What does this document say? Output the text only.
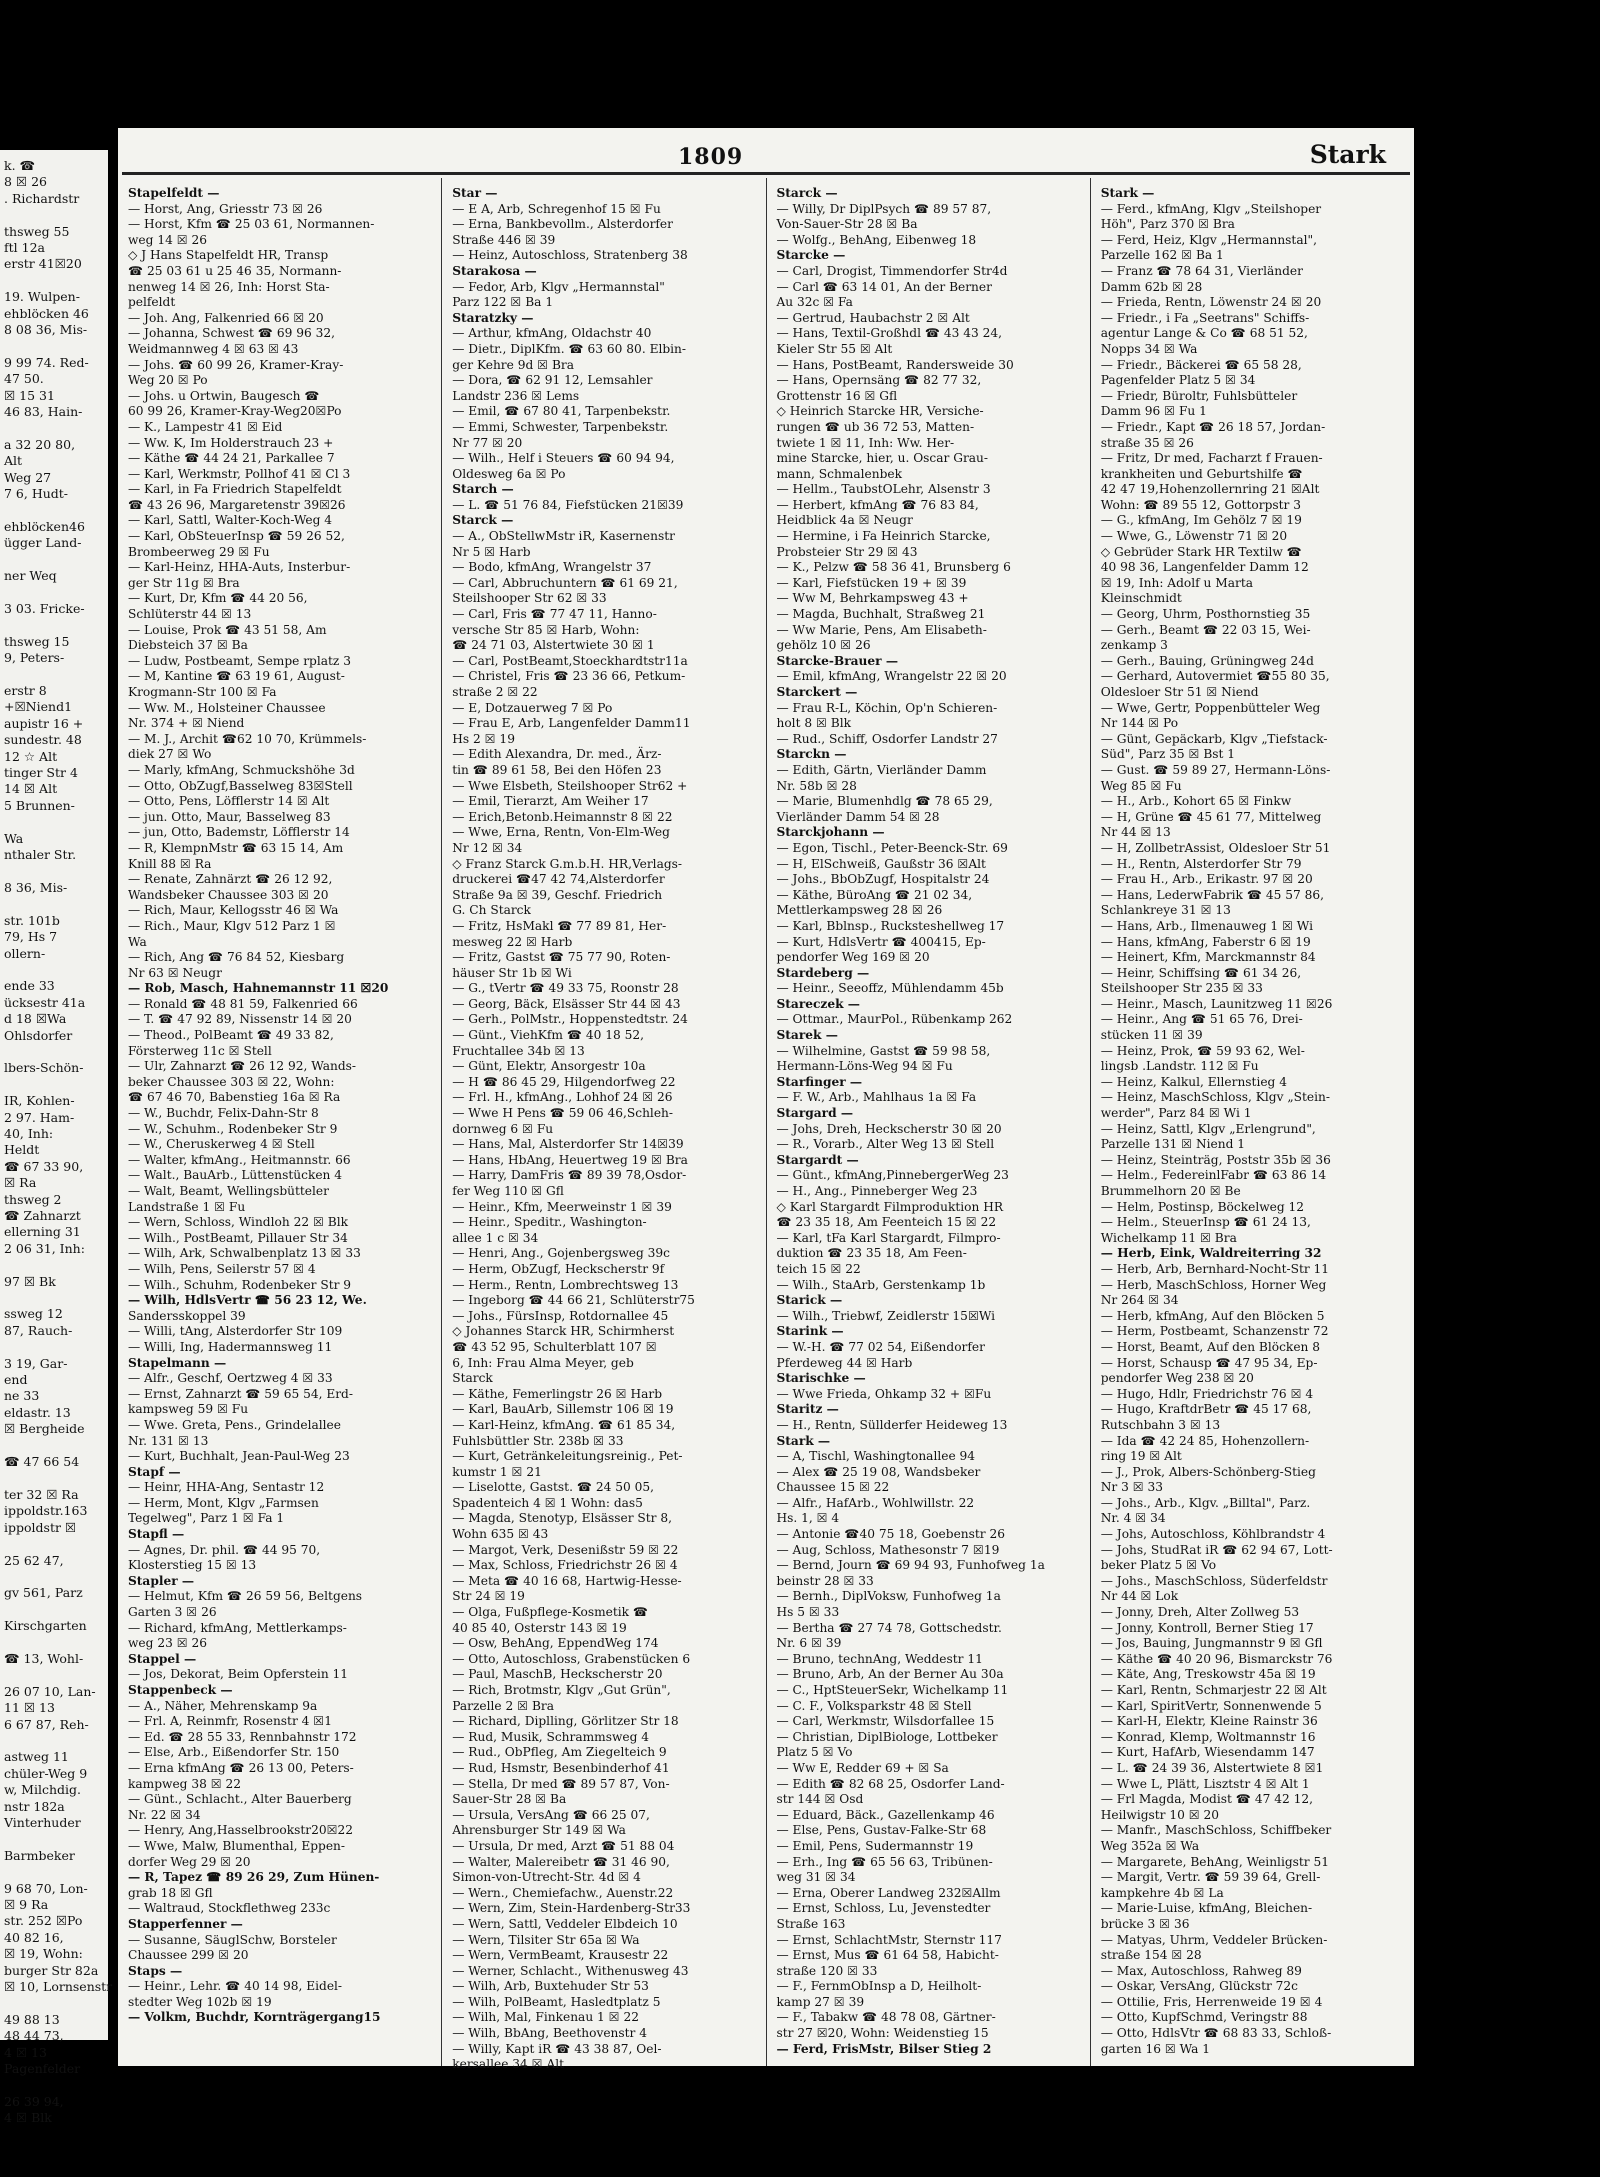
k. ☎
8 ☒ 26
. Richardstr

thsweg 55
ftl 12a
erstr 41☒20

19. Wulpen-
ehblöcken 46
8 08 36, Mis-

9 99 74. Red-
47 50.
☒ 15 31
46 83, Hain-

a 32 20 80,
Alt
Weg 27
7 6, Hudt-

ehblöcken46
ügger Land-

ner Weq

3 03. Fricke-

thsweg 15
9, Peters-

erstr 8
+☒Niend1
aupistr 16 +
sundestr. 48
12 ☆ Alt
tinger Str 4
14 ☒ Alt
5 Brunnen-

Wa
nthaler Str.

8 36, Mis-

str. 101b
79, Hs 7
ollern-

ende 33
ücksestr 41a
d 18 ☒Wa
Ohlsdorfer

lbers-Schön-

IR, Kohlen-
2 97. Ham-
40, Inh:
Heldt
☎ 67 33 90,
☒ Ra
thsweg 2
☎ Zahnarzt
ellerning 31
2 06 31, Inh:

97 ☒ Bk

ssweg 12
87, Rauch-

3 19, Gar-
end
ne 33
eldastr. 13
☒ Bergheide

☎ 47 66 54

ter 32 ☒ Ra
ippoldstr.163
ippoldstr ☒

25 62 47,

gv 561, Parz

Kirschgarten

☎ 13, Wohl-

26 07 10, Lan-
11 ☒ 13
6 67 87, Reh-

astweg 11
chüler-Weg 9
w, Milchdig.
nstr 182a
Vinterhuder

Barmbeker

9 68 70, Lon-
☒ 9 Ra
str. 252 ☒Po
40 82 16,
☒ 19, Wohn:
burger Str 82a
☒ 10, Lornsenstr

49 88 13
48 44 73,
4 ☒ 13
Pagenfelder

26 39 94,
4 ☒ Blk
1809	Stark
Stapelfeldt —
— Horst, Ang, Griesstr 73 ☒ 26
— Horst, Kfm ☎ 25 03 61, Normannen-
weg 14 ☒ 26
◇ J Hans Stapelfeldt HR, Transp
☎ 25 03 61 u 25 46 35, Normann-
nenweg 14 ☒ 26, Inh: Horst Sta-
pelfeldt
— Joh. Ang, Falkenried 66 ☒ 20
— Johanna, Schwest ☎ 69 96 32,
Weidmannweg 4 ☒ 63 ☒ 43
— Johs. ☎ 60 99 26, Kramer-Kray-
Weg 20 ☒ Po
— Johs. u Ortwin, Baugesch ☎
60 99 26, Kramer-Kray-Weg20☒Po
— K., Lampestr 41 ☒ Eid
— Ww. K, Im Holderstrauch 23 +
— Käthe ☎ 44 24 21, Parkallee 7
— Karl, Werkmstr, Pollhof 41 ☒ Cl 3
— Karl, in Fa Friedrich Stapelfeldt
☎ 43 26 96, Margaretenstr 39☒26
— Karl, Sattl, Walter-Koch-Weg 4
— Karl, ObSteuerInsp ☎ 59 26 52,
Brombeerweg 29 ☒ Fu
— Karl-Heinz, HHA-Auts, Insterbur-
ger Str 11g ☒ Bra
— Kurt, Dr, Kfm ☎ 44 20 56,
Schlüterstr 44 ☒ 13
— Louise, Prok ☎ 43 51 58, Am
Diebsteich 37 ☒ Ba
— Ludw, Postbeamt, Sempe rplatz 3
— M, Kantine ☎ 63 19 61, August-
Krogmann-Str 100 ☒ Fa
— Ww. M., Holsteiner Chaussee
Nr. 374 + ☒ Niend
— M. J., Archit ☎62 10 70, Krümmels-
diek 27 ☒ Wo
— Marly, kfmAng, Schmuckshöhe 3d
— Otto, ObZugf,Basselweg 83☒Stell
— Otto, Pens, Löfflerstr 14 ☒ Alt
— jun. Otto, Maur, Basselweg 83
— jun, Otto, Bademstr, Löfflerstr 14
— R, KlempnMstr ☎ 63 15 14, Am
Knill 88 ☒ Ra
— Renate, Zahnärzt ☎ 26 12 92,
Wandsbeker Chaussee 303 ☒ 20
— Rich, Maur, Kellogsstr 46 ☒ Wa
— Rich., Maur, Klgv 512 Parz 1 ☒
Wa
— Rich, Ang ☎ 76 84 52, Kiesbarg
Nr 63 ☒ Neugr
— Rob, Masch, Hahnemannstr 11 ☒20
— Ronald ☎ 48 81 59, Falkenried 66
— T. ☎ 47 92 89, Nissenstr 14 ☒ 20
— Theod., PolBeamt ☎ 49 33 82,
Försterweg 11c ☒ Stell
— Ulr, Zahnarzt ☎ 26 12 92, Wands-
beker Chaussee 303 ☒ 22, Wohn:
☎ 67 46 70, Babenstieg 16a ☒ Ra
— W., Buchdr, Felix-Dahn-Str 8
— W., Schuhm., Rodenbeker Str 9
— W., Cheruskerweg 4 ☒ Stell
— Walter, kfmAng., Heitmannstr. 66
— Walt., BauArb., Lüttenstücken 4
— Walt, Beamt, Wellingsbütteler
Landstraße 1 ☒ Fu
— Wern, Schloss, Windloh 22 ☒ Blk
— Wilh., PostBeamt, Pillauer Str 34
— Wilh, Ark, Schwalbenplatz 13 ☒ 33
— Wilh, Pens, Seilerstr 57 ☒ 4
— Wilh., Schuhm, Rodenbeker Str 9
— Wilh, HdlsVertr ☎ 56 23 12, We.
Sandersskoppel 39
— Willi, tAng, Alsterdorfer Str 109
— Willi, Ing, Hadermannsweg 11
Stapelmann —
— Alfr., Geschf, Oertzweg 4 ☒ 33
— Ernst, Zahnarzt ☎ 59 65 54, Erd-
kampsweg 59 ☒ Fu
— Wwe. Greta, Pens., Grindelallee
Nr. 131 ☒ 13
— Kurt, Buchhalt, Jean-Paul-Weg 23
Stapf —
— Heinr, HHA-Ang, Sentastr 12
— Herm, Mont, Klgv „Farmsen
Tegelweg", Parz 1 ☒ Fa 1
Stapfl —
— Agnes, Dr. phil. ☎ 44 95 70,
Klosterstieg 15 ☒ 13
Stapler —
— Helmut, Kfm ☎ 26 59 56, Beltgens
Garten 3 ☒ 26
— Richard, kfmAng, Mettlerkamps-
weg 23 ☒ 26
Stappel —
— Jos, Dekorat, Beim Opferstein 11
Stappenbeck —
— A., Näher, Mehrenskamp 9a
— Frl. A, Reinmfr, Rosenstr 4 ☒1
— Ed. ☎ 28 55 33, Rennbahnstr 172
— Else, Arb., Eißendorfer Str. 150
— Erna kfmAng ☎ 26 13 00, Peters-
kampweg 38 ☒ 22
— Günt., Schlacht., Alter Bauerberg
Nr. 22 ☒ 34
— Henry, Ang,Hasselbrookstr20☒22
— Wwe, Malw, Blumenthal, Eppen-
dorfer Weg 29 ☒ 20
— R, Tapez ☎ 89 26 29, Zum Hünen-
grab 18 ☒ Gfl
— Waltraud, Stockflethweg 233c
Stapperfenner —
— Susanne, SäuglSchw, Borsteler
Chaussee 299 ☒ 20
Staps —
— Heinr., Lehr. ☎ 40 14 98, Eidel-
stedter Weg 102b ☒ 19
— Volkm, Buchdr, Kornträgergang15
Star —
— E A, Arb, Schregenhof 15 ☒ Fu
— Erna, Bankbevollm., Alsterdorfer
Straße 446 ☒ 39
— Heinz, Autoschloss, Stratenberg 38
Starakosa —
— Fedor, Arb, Klgv „Hermannstal"
Parz 122 ☒ Ba 1
Staratzky —
— Arthur, kfmAng, Oldachstr 40
— Dietr., DiplKfm. ☎ 63 60 80. Elbin-
ger Kehre 9d ☒ Bra
— Dora, ☎ 62 91 12, Lemsahler
Landstr 236 ☒ Lems
— Emil, ☎ 67 80 41, Tarpenbekstr.
— Emmi, Schwester, Tarpenbekstr.
Nr 77 ☒ 20
— Wilh., Helf i Steuers ☎ 60 94 94,
Oldesweg 6a ☒ Po
Starch —
— L. ☎ 51 76 84, Fiefstücken 21☒39
Starck —
— A., ObStellwMstr iR, Kasernenstr
Nr 5 ☒ Harb
— Bodo, kfmAng, Wrangelstr 37
— Carl, Abbruchuntern ☎ 61 69 21,
Steilshooper Str 62 ☒ 33
— Carl, Fris ☎ 77 47 11, Hanno-
versche Str 85 ☒ Harb, Wohn:
☎ 24 71 03, Alstertwiete 30 ☒ 1
— Carl, PostBeamt,Stoeckhardtstr11a
— Christel, Fris ☎ 23 36 66, Petkum-
straße 2 ☒ 22
— E, Dotzauerweg 7 ☒ Po
— Frau E, Arb, Langenfelder Damm11
Hs 2 ☒ 19
— Edith Alexandra, Dr. med., Ärz-
tin ☎ 89 61 58, Bei den Höfen 23
— Wwe Elsbeth, Steilshooper Str62 +
— Emil, Tierarzt, Am Weiher 17
— Erich,Betonb.Heimannstr 8 ☒ 22
— Wwe, Erna, Rentn, Von-Elm-Weg
Nr 12 ☒ 34
◇ Franz Starck G.m.b.H. HR,Verlags-
druckerei ☎47 42 74,Alsterdorfer
Straße 9a ☒ 39, Geschf. Friedrich
G. Ch Starck
— Fritz, HsMakl ☎ 77 89 81, Her-
mesweg 22 ☒ Harb
— Fritz, Gastst ☎ 75 77 90, Roten-
häuser Str 1b ☒ Wi
— G., tVertr ☎ 49 33 75, Roonstr 28
— Georg, Bäck, Elsässer Str 44 ☒ 43
— Gerh., PolMstr., Hoppenstedtstr. 24
— Günt., ViehKfm ☎ 40 18 52,
Fruchtallee 34b ☒ 13
— Günt, Elektr, Ansorgestr 10a
— H ☎ 86 45 29, Hilgendorfweg 22
— Frl. H., kfmAng., Lohhof 24 ☒ 26
— Wwe H Pens ☎ 59 06 46,Schleh-
dornweg 6 ☒ Fu
— Hans, Mal, Alsterdorfer Str 14☒39
— Hans, HbAng, Heuertweg 19 ☒ Bra
— Harry, DamFris ☎ 89 39 78,Osdor-
fer Weg 110 ☒ Gfl
— Heinr., Kfm, Meerweinstr 1 ☒ 39
— Heinr., Speditr., Washington-
allee 1 c ☒ 34
— Henri, Ang., Gojenbergsweg 39c
— Herm, ObZugf, Heckscherstr 9f
— Herm., Rentn, Lombrechtsweg 13
— Ingeborg ☎ 44 66 21, Schlüterstr75
— Johs., FürsInsp, Rotdornallee 45
◇ Johannes Starck HR, Schirmherst
☎ 43 52 95, Schulterblatt 107 ☒
6, Inh: Frau Alma Meyer, geb
Starck
— Käthe, Femerlingstr 26 ☒ Harb
— Karl, BauArb, Sillemstr 106 ☒ 19
— Karl-Heinz, kfmAng. ☎ 61 85 34,
Fuhlsbüttler Str. 238b ☒ 33
— Kurt, Getränkeleitungsreinig., Pet-
kumstr 1 ☒ 21
— Liselotte, Gastst. ☎ 24 50 05,
Spadenteich 4 ☒ 1 Wohn: das5
— Magda, Stenotyp, Elsässer Str 8,
Wohn 635 ☒ 43
— Margot, Verk, Desenißstr 59 ☒ 22
— Max, Schloss, Friedrichstr 26 ☒ 4
— Meta ☎ 40 16 68, Hartwig-Hesse-
Str 24 ☒ 19
— Olga, Fußpflege-Kosmetik ☎
40 85 40, Osterstr 143 ☒ 19
— Osw, BehAng, EppendWeg 174
— Otto, Autoschloss, Grabenstücken 6
— Paul, MaschB, Heckscherstr 20
— Rich, Brotmstr, Klgv „Gut Grün",
Parzelle 2 ☒ Bra
— Richard, Diplling, Görlitzer Str 18
— Rud, Musik, Schrammsweg 4
— Rud., ObPfleg, Am Ziegelteich 9
— Rud, Hsmstr, Besenbinderhof 41
— Stella, Dr med ☎ 89 57 87, Von-
Sauer-Str 28 ☒ Ba
— Ursula, VersAng ☎ 66 25 07,
Ahrensburger Str 149 ☒ Wa
— Ursula, Dr med, Arzt ☎ 51 88 04
— Walter, Malereibetr ☎ 31 46 90,
Simon-von-Utrecht-Str. 4d ☒ 4
— Wern., Chemiefachw., Auenstr.22
— Wern, Zim, Stein-Hardenberg-Str33
— Wern, Sattl, Veddeler Elbdeich 10
— Wern, Tilsiter Str 65a ☒ Wa
— Wern, VermBeamt, Krausestr 22
— Werner, Schlacht., Withenusweg 43
— Wilh, Arb, Buxtehuder Str 53
— Wilh, PolBeamt, Hasledtplatz 5
— Wilh, Mal, Finkenau 1 ☒ 22
— Wilh, BbAng, Beethovenstr 4
— Willy, Kapt iR ☎ 43 38 87, Oel-
kersallee 34 ☒ Alt
Starck —
— Willy, Dr DiplPsych ☎ 89 57 87,
Von-Sauer-Str 28 ☒ Ba
— Wolfg., BehAng, Eibenweg 18
Starcke —
— Carl, Drogist, Timmendorfer Str4d
— Carl ☎ 63 14 01, An der Berner
Au 32c ☒ Fa
— Gertrud, Haubachstr 2 ☒ Alt
— Hans, Textil-Großhdl ☎ 43 43 24,
Kieler Str 55 ☒ Alt
— Hans, PostBeamt, Randersweide 30
— Hans, Opernsäng ☎ 82 77 32,
Grottenstr 16 ☒ Gfl
◇ Heinrich Starcke HR, Versiche-
rungen ☎ ub 36 72 53, Matten-
twiete 1 ☒ 11, Inh: Ww. Her-
mine Starcke, hier, u. Oscar Grau-
mann, Schmalenbek
— Hellm., TaubstOLehr, Alsenstr 3
— Herbert, kfmAng ☎ 76 83 84,
Heidblick 4a ☒ Neugr
— Hermine, i Fa Heinrich Starcke,
Probsteier Str 29 ☒ 43
— K., Pelzw ☎ 58 36 41, Brunsberg 6
— Karl, Fiefstücken 19 + ☒ 39
— Ww M, Behrkampsweg 43 +
— Magda, Buchhalt, Straßweg 21
— Ww Marie, Pens, Am Elisabeth-
gehölz 10 ☒ 26
Starcke-Brauer —
— Emil, kfmAng, Wrangelstr 22 ☒ 20
Starckert —
— Frau R-L, Köchin, Op'n Schieren-
holt 8 ☒ Blk
— Rud., Schiff, Osdorfer Landstr 27
Starckn —
— Edith, Gärtn, Vierländer Damm
Nr. 58b ☒ 28
— Marie, Blumenhdlg ☎ 78 65 29,
Vierländer Damm 54 ☒ 28
Starckjohann —
— Egon, Tischl., Peter-Beenck-Str. 69
— H, ElSchweiß, Gaußstr 36 ☒Alt
— Johs., BbObZugf, Hospitalstr 24
— Käthe, BüroAng ☎ 21 02 34,
Mettlerkampsweg 28 ☒ 26
— Karl, Bblnsp., Rucksteshellweg 17
— Kurt, HdlsVertr ☎ 400415, Ep-
pendorfer Weg 169 ☒ 20
Stardeberg —
— Heinr., Seeoffz, Mühlendamm 45b
Stareczek —
— Ottmar., MaurPol., Rübenkamp 262
Starek —
— Wilhelmine, Gastst ☎ 59 98 58,
Hermann-Löns-Weg 94 ☒ Fu
Starfinger —
— F. W., Arb., Mahlhaus 1a ☒ Fa
Stargard —
— Johs, Dreh, Heckscherstr 30 ☒ 20
— R., Vorarb., Alter Weg 13 ☒ Stell
Stargardt —
— Günt., kfmAng,PinnebergerWeg 23
— H., Ang., Pinneberger Weg 23
◇ Karl Stargardt Filmproduktion HR
☎ 23 35 18, Am Feenteich 15 ☒ 22
— Karl, tFa Karl Stargardt, Filmpro-
duktion ☎ 23 35 18, Am Feen-
teich 15 ☒ 22
— Wilh., StaArb, Gerstenkamp 1b
Starick —
— Wilh., Triebwf, Zeidlerstr 15☒Wi
Starink —
— W.-H. ☎ 77 02 54, Eißendorfer
Pferdeweg 44 ☒ Harb
Starischke —
— Wwe Frieda, Ohkamp 32 + ☒Fu
Staritz —
— H., Rentn, Süllderfer Heideweg 13
Stark —
— A, Tischl, Washingtonallee 94
— Alex ☎ 25 19 08, Wandsbeker
Chaussee 15 ☒ 22
— Alfr., HafArb., Wohlwillstr. 22
Hs. 1, ☒ 4
— Antonie ☎40 75 18, Goebenstr 26
— Aug, Schloss, Mathesonstr 7 ☒19
— Bernd, Journ ☎ 69 94 93, Funhofweg 1a
beinstr 28 ☒ 33
— Bernh., DiplVoksw, Funhofweg 1a
Hs 5 ☒ 33
— Bertha ☎ 27 74 78, Gottschedstr.
Nr. 6 ☒ 39
— Bruno, technAng, Weddestr 11
— Bruno, Arb, An der Berner Au 30a
— C., HptSteuerSekr, Wichelkamp 11
— C. F., Volksparkstr 48 ☒ Stell
— Carl, Werkmstr, Wilsdorfallee 15
— Christian, DiplBiologe, Lottbeker
Platz 5 ☒ Vo
— Ww E, Redder 69 + ☒ Sa
— Edith ☎ 82 68 25, Osdorfer Land-
str 144 ☒ Osd
— Eduard, Bäck., Gazellenkamp 46
— Else, Pens, Gustav-Falke-Str 68
— Emil, Pens, Sudermannstr 19
— Erh., Ing ☎ 65 56 63, Tribünen-
weg 31 ☒ 34
— Erna, Oberer Landweg 232☒Allm
— Ernst, Schloss, Lu, Jevenstedter
Straße 163
— Ernst, SchlachtMstr, Sternstr 117
— Ernst, Mus ☎ 61 64 58, Habicht-
straße 120 ☒ 33
— F., FernmObInsp a D, Heilholt-
kamp 27 ☒ 39
— F., Tabakw ☎ 48 78 08, Gärtner-
str 27 ☒20, Wohn: Weidenstieg 15
— Ferd, FrisMstr, Bilser Stieg 2
Stark —
— Ferd., kfmAng, Klgv „Steilshoper
Höh", Parz 370 ☒ Bra
— Ferd, Heiz, Klgv „Hermannstal",
Parzelle 162 ☒ Ba 1
— Franz ☎ 78 64 31, Vierländer
Damm 62b ☒ 28
— Frieda, Rentn, Löwenstr 24 ☒ 20
— Friedr., i Fa „Seetrans" Schiffs-
agentur Lange & Co ☎ 68 51 52,
Nopps 34 ☒ Wa
— Friedr., Bäckerei ☎ 65 58 28,
Pagenfelder Platz 5 ☒ 34
— Friedr, Büroltr, Fuhlsbütteler
Damm 96 ☒ Fu 1
— Friedr., Kapt ☎ 26 18 57, Jordan-
straße 35 ☒ 26
— Fritz, Dr med, Facharzt f Frauen-
krankheiten und Geburtshilfe ☎
42 47 19,Hohenzollernring 21 ☒Alt
Wohn: ☎ 89 55 12, Gottorpstr 3
— G., kfmAng, Im Gehölz 7 ☒ 19
— Wwe, G., Löwenstr 71 ☒ 20
◇ Gebrüder Stark HR Textilw ☎
40 98 36, Langenfelder Damm 12
☒ 19, Inh: Adolf u Marta
Kleinschmidt
— Georg, Uhrm, Posthornstieg 35
— Gerh., Beamt ☎ 22 03 15, Wei-
zenkamp 3
— Gerh., Bauing, Grüningweg 24d
— Gerhard, Autovermiet ☎55 80 35,
Oldesloer Str 51 ☒ Niend
— Wwe, Gertr, Poppenbütteler Weg
Nr 144 ☒ Po
— Günt, Gepäckarb, Klgv „Tiefstack-
Süd", Parz 35 ☒ Bst 1
— Gust. ☎ 59 89 27, Hermann-Löns-
Weg 85 ☒ Fu
— H., Arb., Kohort 65 ☒ Finkw
— H, Grüne ☎ 45 61 77, Mittelweg
Nr 44 ☒ 13
— H, ZollbetrAssist, Oldesloer Str 51
— H., Rentn, Alsterdorfer Str 79
— Frau H., Arb., Erikastr. 97 ☒ 20
— Hans, LederwFabrik ☎ 45 57 86,
Schlankreye 31 ☒ 13
— Hans, Arb., Ilmenauweg 1 ☒ Wi
— Hans, kfmAng, Faberstr 6 ☒ 19
— Heinert, Kfm, Marckmannstr 84
— Heinr, Schiffsing ☎ 61 34 26,
Steilshooper Str 235 ☒ 33
— Heinr., Masch, Launitzweg 11 ☒26
— Heinr., Ang ☎ 51 65 76, Drei-
stücken 11 ☒ 39
— Heinz, Prok, ☎ 59 93 62, Wel-
lingsb .Landstr. 112 ☒ Fu
— Heinz, Kalkul, Ellernstieg 4
— Heinz, MaschSchloss, Klgv „Stein-
werder", Parz 84 ☒ Wi 1
— Heinz, Sattl, Klgv „Erlengrund",
Parzelle 131 ☒ Niend 1
— Heinz, Steinträg, Poststr 35b ☒ 36
— Helm., FedereinlFabr ☎ 63 86 14
Brummelhorn 20 ☒ Be
— Helm, Postinsp, Böckelweg 12
— Helm., SteuerInsp ☎ 61 24 13,
Wichelkamp 11 ☒ Bra
— Herb, Eink, Waldreiterring 32
— Herb, Arb, Bernhard-Nocht-Str 11
— Herb, MaschSchloss, Horner Weg
Nr 264 ☒ 34
— Herb, kfmAng, Auf den Blöcken 5
— Herm, Postbeamt, Schanzenstr 72
— Horst, Beamt, Auf den Blöcken 8
— Horst, Schausp ☎ 47 95 34, Ep-
pendorfer Weg 238 ☒ 20
— Hugo, Hdlr, Friedrichstr 76 ☒ 4
— Hugo, KraftdrBetr ☎ 45 17 68,
Rutschbahn 3 ☒ 13
— Ida ☎ 42 24 85, Hohenzollern-
ring 19 ☒ Alt
— J., Prok, Albers-Schönberg-Stieg
Nr 3 ☒ 33
— Johs., Arb., Klgv. „Billtal", Parz.
Nr. 4 ☒ 34
— Johs, Autoschloss, Köhlbrandstr 4
— Johs, StudRat iR ☎ 62 94 67, Lott-
beker Platz 5 ☒ Vo
— Johs., MaschSchloss, Süderfeldstr
Nr 44 ☒ Lok
— Jonny, Dreh, Alter Zollweg 53
— Jonny, Kontroll, Berner Stieg 17
— Jos, Bauing, Jungmannstr 9 ☒ Gfl
— Käthe ☎ 40 20 96, Bismarckstr 76
— Käte, Ang, Treskowstr 45a ☒ 19
— Karl, Rentn, Schmarjestr 22 ☒ Alt
— Karl, SpiritVertr, Sonnenwende 5
— Karl-H, Elektr, Kleine Rainstr 36
— Konrad, Klemp, Woltmannstr 16
— Kurt, HafArb, Wiesendamm 147
— L. ☎ 24 39 36, Alstertwiete 8 ☒1
— Wwe L, Plätt, Lisztstr 4 ☒ Alt 1
— Frl Magda, Modist ☎ 47 42 12,
Heilwigstr 10 ☒ 20
— Manfr., MaschSchloss, Schiffbeker
Weg 352a ☒ Wa
— Margarete, BehAng, Weinligstr 51
— Margit, Vertr. ☎ 59 39 64, Grell-
kampkehre 4b ☒ La
— Marie-Luise, kfmAng, Bleichen-
brücke 3 ☒ 36
— Matyas, Uhrm, Veddeler Brücken-
straße 154 ☒ 28
— Max, Autoschloss, Rahweg 89
— Oskar, VersAng, Glückstr 72c
— Ottilie, Fris, Herrenweide 19 ☒ 4
— Otto, KupfSchmd, Veringstr 88
— Otto, HdlsVtr ☎ 68 83 33, Schloß-
garten 16 ☒ Wa 1
